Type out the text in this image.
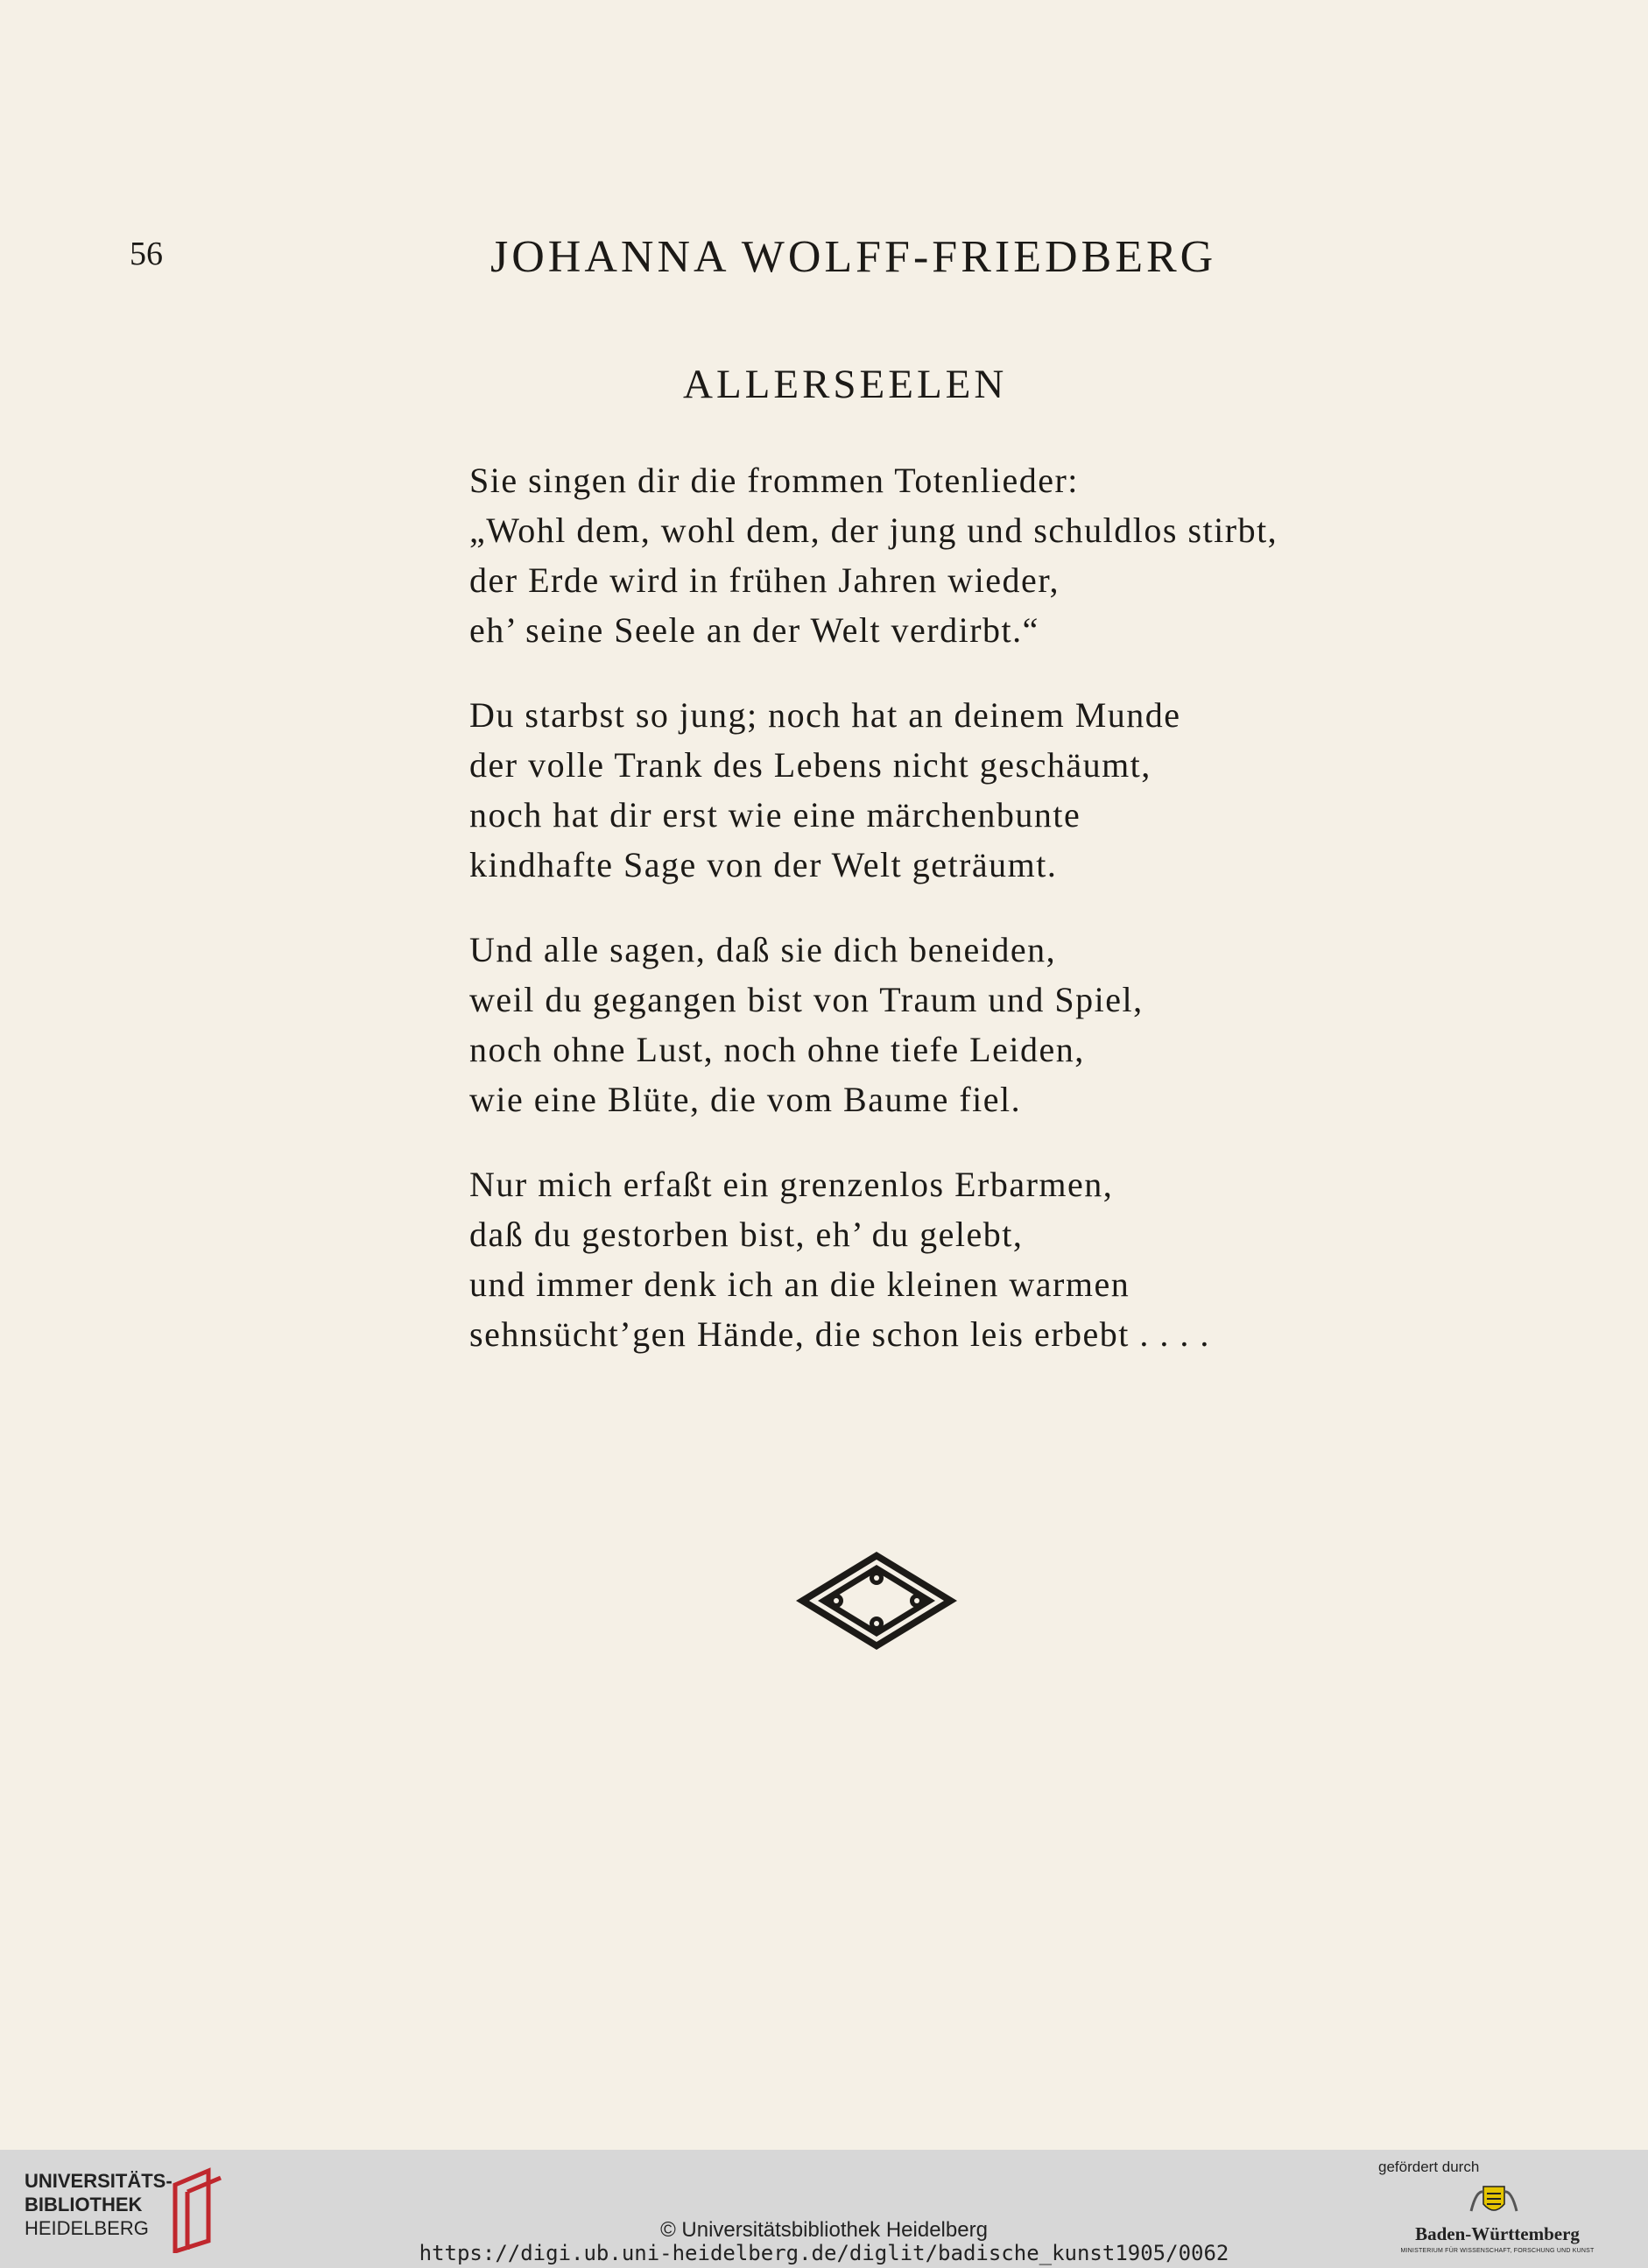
56	JOHANNA WOLFF-FRIEDBERG
ALLERSEELEN
Sie singen dir die frommen Totenlieder:
„Wohl dem, wohl dem, der jung und schuldlos stirbt,
der Erde wird in frühen Jahren wieder,
eh’ seine Seele an der Welt verdirbt.“
Du starbst so jung; noch hat an deinem Munde
der volle Trank des Lebens nicht geschäumt,
noch hat dir erst wie eine märchenbunte
kindhafte Sage von der Welt geträumt.
Und alle sagen, daß sie dich beneiden,
weil du gegangen bist von Traum und Spiel,
noch ohne Lust, noch ohne tiefe Leiden,
wie eine Blüte, die vom Baume fiel.
Nur mich erfaßt ein grenzenlos Erbarmen,
daß du gestorben bist, eh’ du gelebt,
und immer denk ich an die kleinen warmen
sehnsücht’gen Hände, die schon leis erbebt . . . .
UNIVERSITÄTS-
BIBLIOTHEK
HEIDELBERG	© Universitätsbibliothek Heidelberg
https://digi.ub.uni-heidelberg.de/diglit/badische_kunst1905/0062
gefördert durch
Baden-Württemberg
MINISTERIUM FÜR WISSENSCHAFT, FORSCHUNG UND KUNST
